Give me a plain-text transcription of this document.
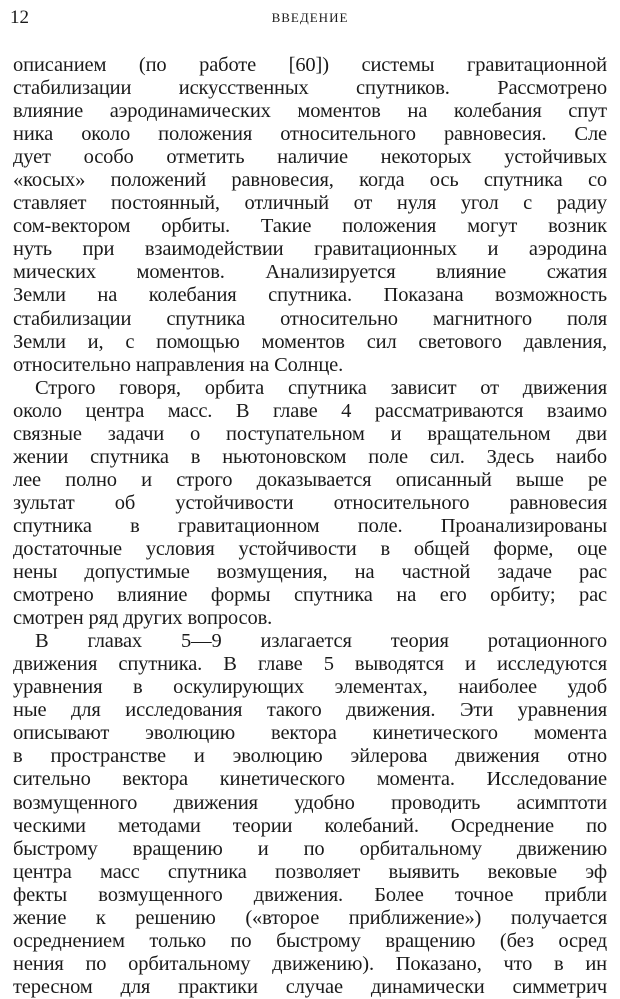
12	ВВЕДЕНИЕ
описанием (по работе [60]) системы гравитационной
стабилизации искусственных спутников. Рассмотрено
влияние аэродинамических моментов на колебания спут
ника около положения относительного равновесия. Сле
дует особо отметить наличие некоторых устойчивых
«косых» положений равновесия, когда ось спутника со
ставляет постоянный, отличный от нуля угол с радиу
сом-вектором орбиты. Такие положения могут возник
нуть при взаимодействии гравитационных и аэродина
мических моментов. Анализируется влияние сжатия
Земли на колебания спутника. Показана возможность
стабилизации спутника относительно магнитного поля
Земли и, с помощью моментов сил светового давления,
относительно направления на Солнце.
Строго говоря, орбита спутника зависит от движения
около центра масс. В главе 4 рассматриваются взаимо
связные задачи о поступательном и вращательном дви
жении спутника в ньютоновском поле сил. Здесь наибо
лее полно и строго доказывается описанный выше ре
зультат об устойчивости относительного равновесия
спутника в гравитационном поле. Проанализированы
достаточные условия устойчивости в общей форме, оце
нены допустимые возмущения, на частной задаче рас
смотрено влияние формы спутника на его орбиту; рас
смотрен ряд других вопросов.
В главах 5—9 излагается теория ротационного
движения спутника. В главе 5 выводятся и исследуются
уравнения в оскулирующих элементах, наиболее удоб
ные для исследования такого движения. Эти уравнения
описывают эволюцию вектора кинетического момента
в пространстве и эволюцию эйлерова движения отно
сительно вектора кинетического момента. Исследование
возмущенного движения удобно проводить асимптоти
ческими методами теории колебаний. Осреднение по
быстрому вращению и по орбитальному движению
центра масс спутника позволяет выявить вековые эф
фекты возмущенного движения. Более точное прибли
жение к решению («второе приближение») получается
осреднением только по быстрому вращению (без осред
нения по орбитальному движению). Показано, что в ин
тересном для практики случае динамически симметрич
